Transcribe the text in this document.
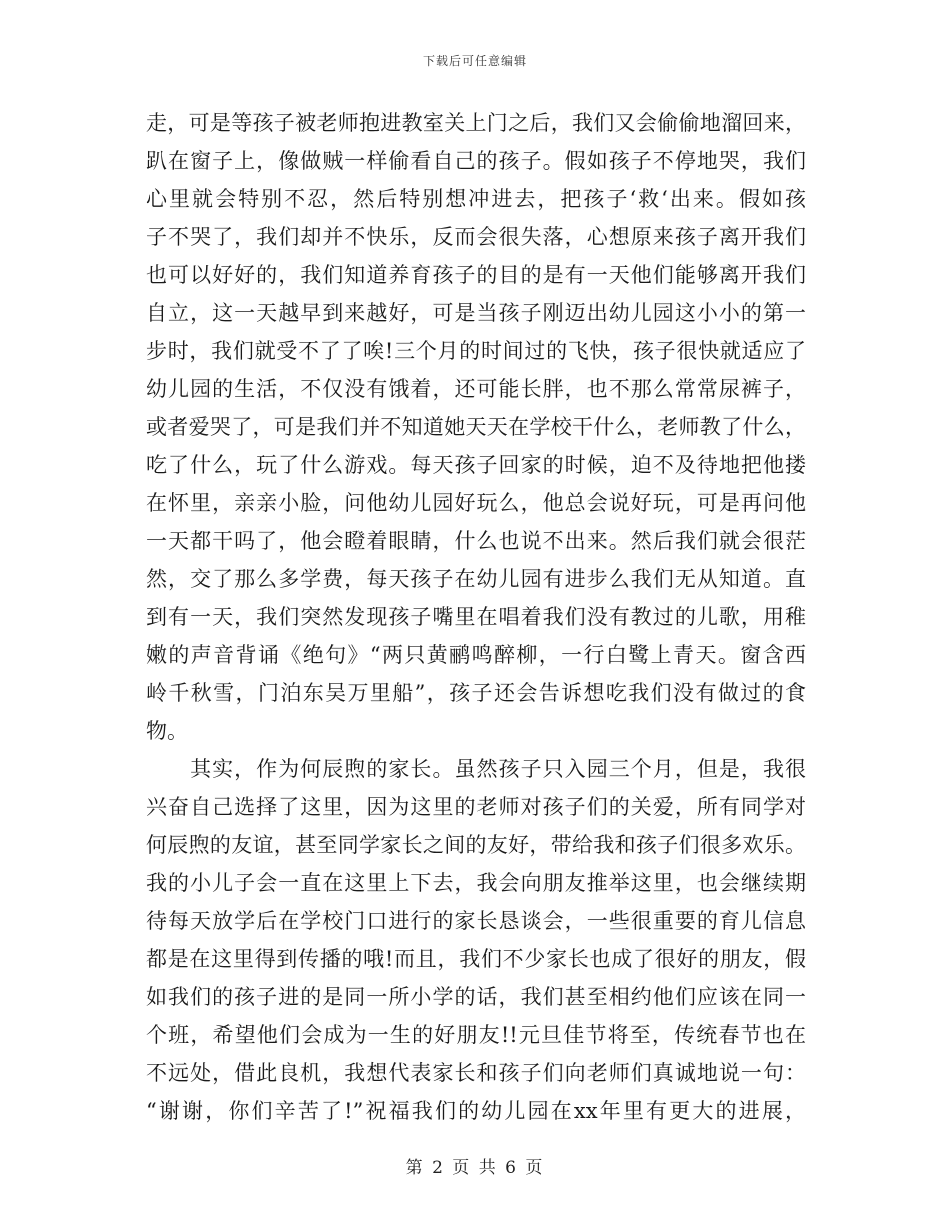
下载后可任意编辑

走，可是等孩子被老师抱进教室关上门之后，我们又会偷偷地溜回来，
趴在窗子上，像做贼一样偷看自己的孩子。假如孩子不停地哭，我们
心里就会特别不忍，然后特别想冲进去，把孩子‘救‘出来。假如孩
子不哭了，我们却并不快乐，反而会很失落，心想原来孩子离开我们
也可以好好的，我们知道养育孩子的目的是有一天他们能够离开我们
自立，这一天越早到来越好，可是当孩子刚迈出幼儿园这小小的第一
步时，我们就受不了了唉!三个月的时间过的飞快，孩子很快就适应了
幼儿园的生活，不仅没有饿着，还可能长胖，也不那么常常尿裤子，
或者爱哭了，可是我们并不知道她天天在学校干什么，老师教了什么，
吃了什么，玩了什么游戏。每天孩子回家的时候，迫不及待地把他搂
在怀里，亲亲小脸，问他幼儿园好玩么，他总会说好玩，可是再问他
一天都干吗了，他会瞪着眼睛，什么也说不出来。然后我们就会很茫
然，交了那么多学费，每天孩子在幼儿园有进步么我们无从知道。直
到有一天，我们突然发现孩子嘴里在唱着我们没有教过的儿歌，用稚
嫩的声音背诵《绝句》“两只黄鹂鸣醉柳，一行白鹭上青天。窗含西
岭千秋雪，门泊东吴万里船”，孩子还会告诉想吃我们没有做过的食
物。

　　其实，作为何辰煦的家长。虽然孩子只入园三个月，但是，我很
兴奋自己选择了这里，因为这里的老师对孩子们的关爱，所有同学对
何辰煦的友谊，甚至同学家长之间的友好，带给我和孩子们很多欢乐。
我的小儿子会一直在这里上下去，我会向朋友推举这里，也会继续期
待每天放学后在学校门口进行的家长恳谈会，一些很重要的育儿信息
都是在这里得到传播的哦!而且，我们不少家长也成了很好的朋友，假
如我们的孩子进的是同一所小学的话，我们甚至相约他们应该在同一
个班，希望他们会成为一生的好朋友!!元旦佳节将至，传统春节也在
不远处，借此良机，我想代表家长和孩子们向老师们真诚地说一句：
“谢谢，你们辛苦了!”祝福我们的幼儿园在xx年里有更大的进展，

第 2 页 共 6 页
